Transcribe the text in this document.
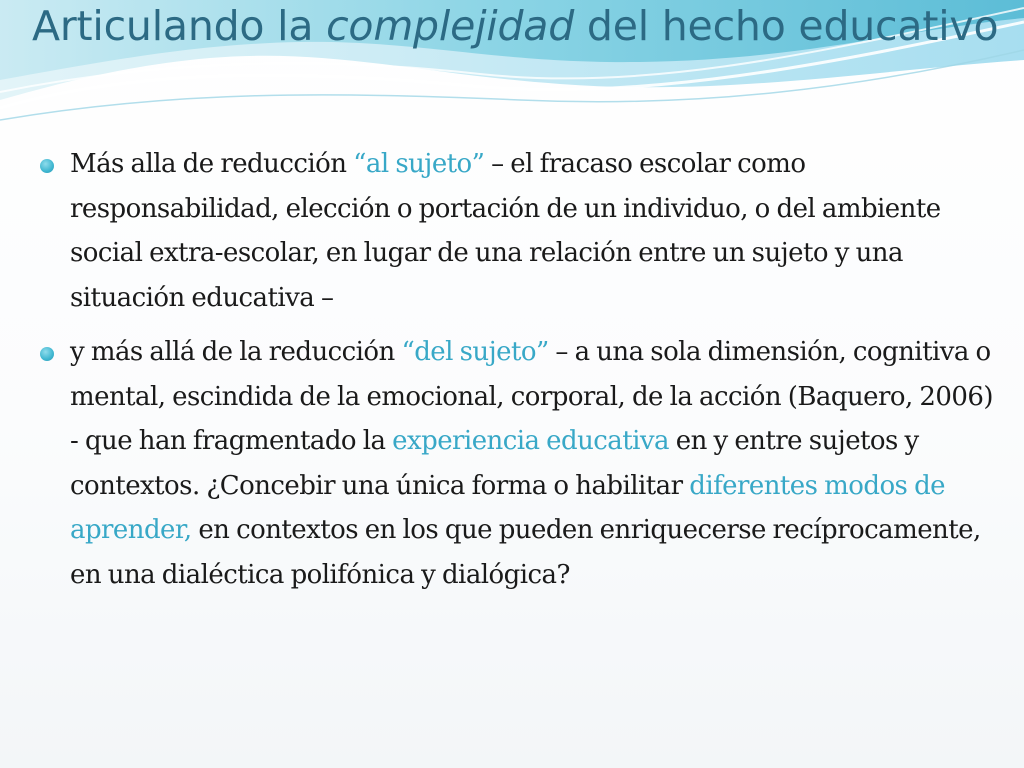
Articulando la complejidad del hecho educativo
Más alla de reducción “al sujeto” – el fracaso escolar como responsabilidad, elección o portación de un individuo, o del ambiente social extra-escolar, en lugar de una relación entre un sujeto y una situación educativa –
y más allá de la reducción “del sujeto” – a una sola dimensión, cognitiva o mental, escindida de la emocional, corporal, de la acción (Baquero, 2006) - que han fragmentado la experiencia educativa en y entre sujetos y contextos. ¿Concebir una única forma o habilitar diferentes modos de aprender, en contextos en los que pueden enriquecerse recíprocamente, en una dialéctica polifónica y dialógica?
